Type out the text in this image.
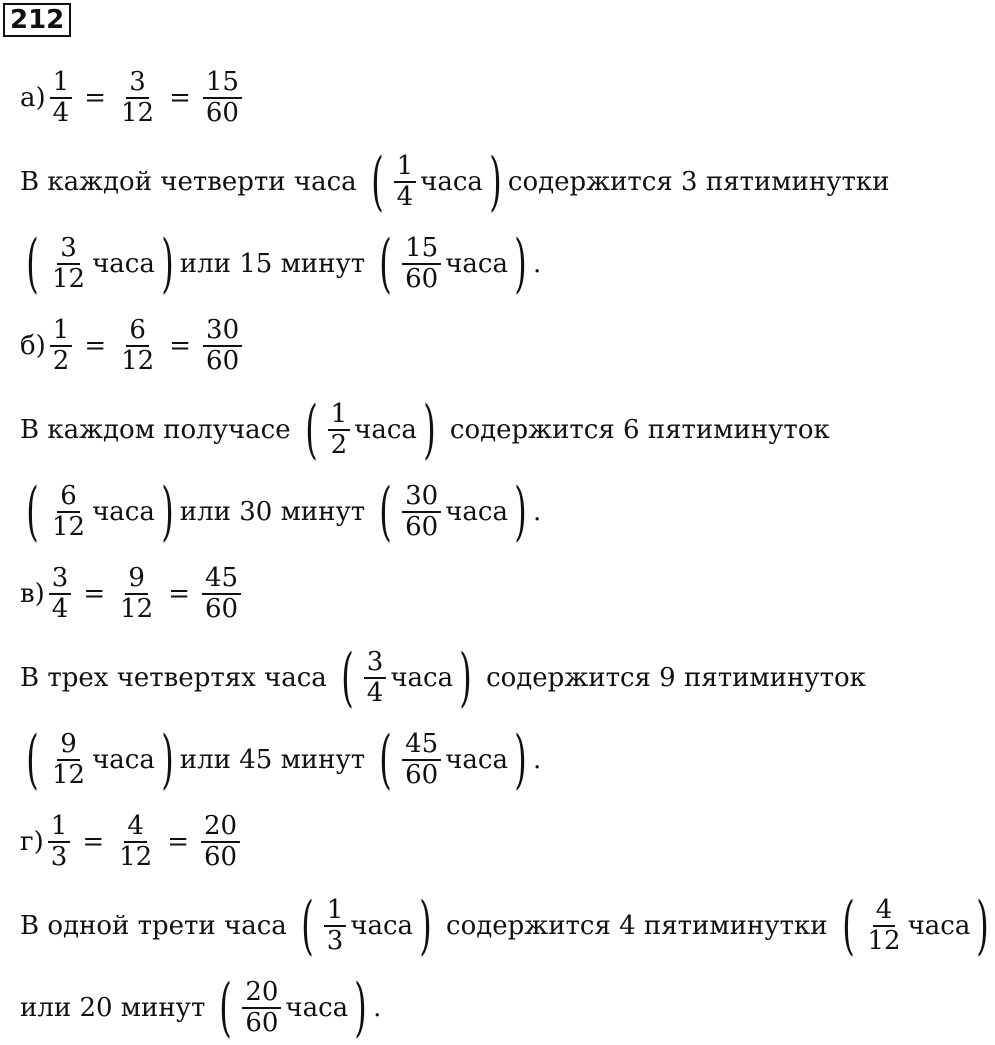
212
$а) \frac{1}{4} = \frac{3}{12} = \frac{15}{60}$
В каждой четверти часа ( $\frac{1}{4}$ часа ) содержится 3 пятиминутки
( $\frac{3}{12}$ часа ) или 15 минут ( $\frac{15}{60}$ часа ) .
$б) \frac{1}{2} = \frac{6}{12} = \frac{30}{60}$
В каждом получасе ( $\frac{1}{2}$ часа ) содержится 6 пятиминуток
( $\frac{6}{12}$ часа ) или 30 минут ( $\frac{30}{60}$ часа ) .
$в) \frac{3}{4} = \frac{9}{12} = \frac{45}{60}$
В трех четвертях часа ( $\frac{3}{4}$ часа ) содержится 9 пятиминуток
( $\frac{9}{12}$ часа ) или 45 минут ( $\frac{45}{60}$ часа ) .
$г) \frac{1}{3} = \frac{4}{12} = \frac{20}{60}$
В одной трети часа ( $\frac{1}{3}$ часа ) содержится 4 пятиминутки ( $\frac{4}{12}$ часа )
или 20 минут ( $\frac{20}{60}$ часа ) .
